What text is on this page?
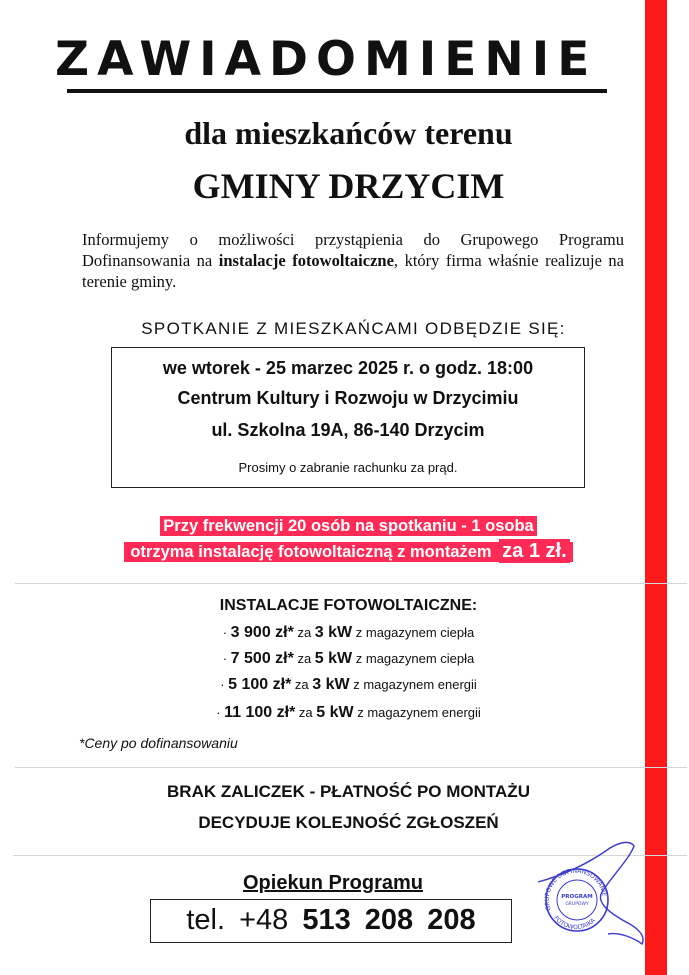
ZAWIADOMIENIE
dla mieszkańców terenu
GMINY DRZYCIM
Informujemy o możliwości przystąpienia do Grupowego Programu Dofinansowania na instalacje fotowoltaiczne, który firma właśnie realizuje na terenie gminy.
SPOTKANIE Z MIESZKAŃCAMI ODBĘDZIE SIĘ:
we wtorek - 25 marzec 2025 r. o godz. 18:00
Centrum Kultury i Rozwoju w Drzycimiu
ul. Szkolna 19A, 86-140 Drzycim
Prosimy o zabranie rachunku za prąd.
Przy frekwencji 20 osób na spotkaniu - 1 osoba
otrzyma instalację fotowoltaiczną z montażem za 1 zł.
INSTALACJE FOTOWOLTAICZNE:
· 3 900 zł* za 3 kW z magazynem ciepła
· 7 500 zł* za 5 kW z magazynem ciepła
· 5 100 zł* za 3 kW z magazynem energii
· 11 100 zł* za 5 kW z magazynem energii
*Ceny po dofinansowaniu
BRAK ZALICZEK - PŁATNOŚĆ PO MONTAŻU
DECYDUJE KOLEJNOŚĆ ZGŁOSZEŃ
Opiekun Programu
tel. +48 513 208 208	GRUPOWE DOFINANSOWANIE
PROGRAM
GRUPOWY
FOTOWOLTAIKA
